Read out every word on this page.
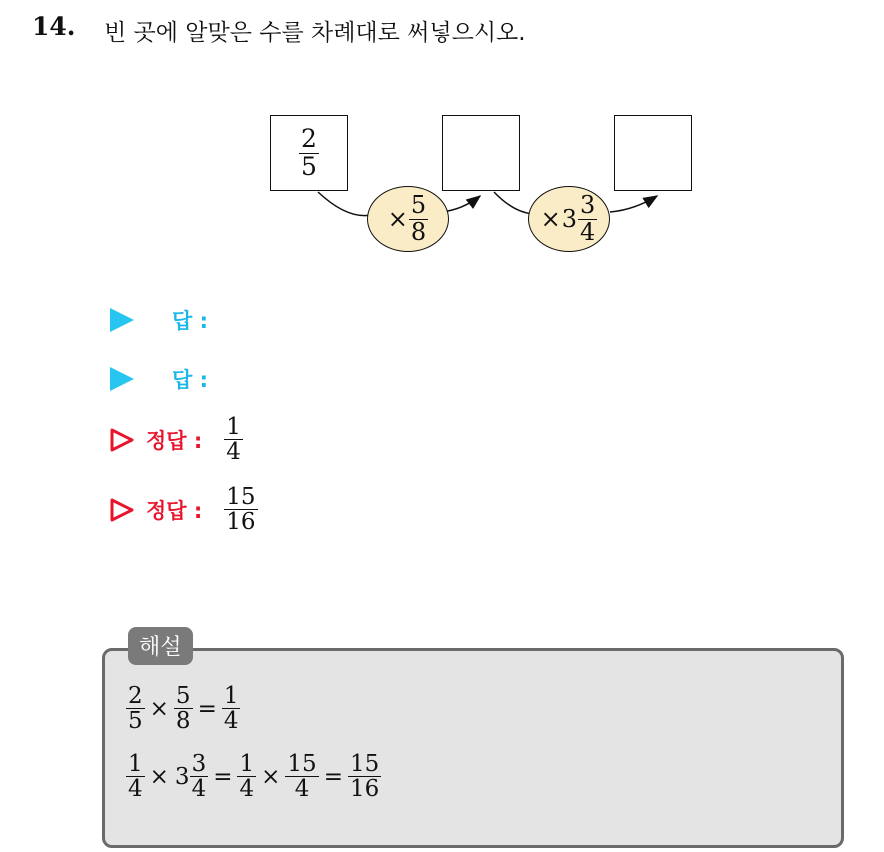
14. 빈 곳에 알맞은 수를 차례대로 써넣으시오.
$\frac{2}{5}$
× $\frac{5}{8}$	× $3 \frac{3}{4}$
답 :
답 :
정답 : $\frac{1}{4}$
정답 : $\frac{15}{16}$
해설
$\frac{2}{5} \times \frac{5}{8} = \frac{1}{4}$
$\frac{1}{4} \times 3 \frac{3}{4} = \frac{1}{4} \times \frac{15}{4} = \frac{15}{16}$
